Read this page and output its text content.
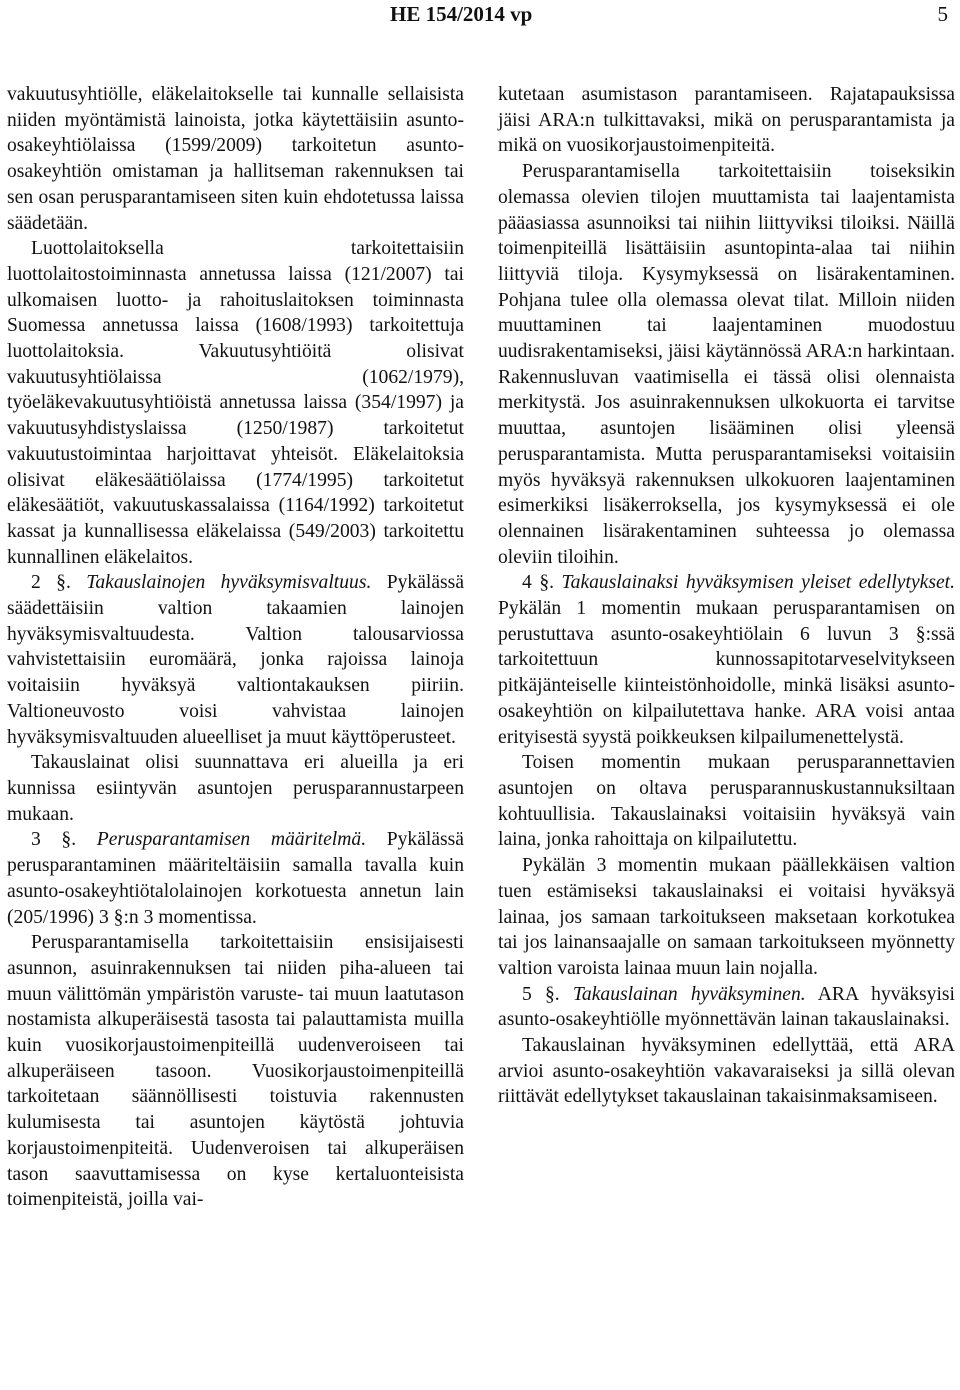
HE 154/2014 vp	5

vakuutusyhtiölle, eläkelaitokselle tai kunnalle sellaisista niiden myöntämistä lainoista, jotka käytettäisiin asunto-osakeyhtiölaissa (1599/2009) tarkoitetun asunto-osakeyhtiön omistaman ja hallitseman rakennuksen tai sen osan perusparantamiseen siten kuin ehdotetussa laissa säädetään.

Luottolaitoksella tarkoitettaisiin luottolaitostoiminnasta annetussa laissa (121/2007) tai ulkomaisen luotto- ja rahoituslaitoksen toiminnasta Suomessa annetussa laissa (1608/1993) tarkoitettuja luottolaitoksia. Vakuutusyhtiöitä olisivat vakuutusyhtiölaissa (1062/1979), työeläkevakuutusyhtiöistä annetussa laissa (354/1997) ja vakuutusyhdistyslaissa (1250/1987) tarkoitetut vakuutustoimintaa harjoittavat yhteisöt. Eläkelaitoksia olisivat eläkesäätiölaissa (1774/1995) tarkoitetut eläkesäätiöt, vakuutuskassalaissa (1164/1992) tarkoitetut kassat ja kunnallisessa eläkelaissa (549/2003) tarkoitettu kunnallinen eläkelaitos.

2 §. Takauslainojen hyväksymisvaltuus. Pykälässä säädettäisiin valtion takaamien lainojen hyväksymisvaltuudesta. Valtion talousarviossa vahvistettaisiin euromäärä, jonka rajoissa lainoja voitaisiin hyväksyä valtiontakauksen piiriin. Valtioneuvosto voisi vahvistaa lainojen hyväksymisvaltuuden alueelliset ja muut käyttöperusteet.

Takauslainat olisi suunnattava eri alueilla ja eri kunnissa esiintyvän asuntojen perusparannustarpeen mukaan.

3 §. Perusparantamisen määritelmä. Pykälässä perusparantaminen määriteltäisiin samalla tavalla kuin asunto-osakeyhtiötalolainojen korkotuesta annetun lain (205/1996) 3 §:n 3 momentissa.

Perusparantamisella tarkoitettaisiin ensisijaisesti asunnon, asuinrakennuksen tai niiden piha-alueen tai muun välittömän ympäristön varuste- tai muun laatutason nostamista alkuperäisestä tasosta tai palauttamista muilla kuin vuosikorjaustoimenpiteillä uudenveroiseen tai alkuperäiseen tasoon. Vuosikorjaustoimenpiteillä tarkoitetaan säännöllisesti toistuvia rakennusten kulumisesta tai asuntojen käytöstä johtuvia korjaustoimenpiteitä. Uudenveroisen tai alkuperäisen tason saavuttamisessa on kyse kertaluonteisista toimenpiteistä, joilla vai-

kutetaan asumistason parantamiseen. Rajatapauksissa jäisi ARA:n tulkittavaksi, mikä on perusparantamista ja mikä on vuosikorjaustoimenpiteitä.

Perusparantamisella tarkoitettaisiin toiseksikin olemassa olevien tilojen muuttamista tai laajentamista pääasiassa asunnoiksi tai niihin liittyviksi tiloiksi. Näillä toimenpiteillä lisättäisiin asuntopinta-alaa tai niihin liittyviä tiloja. Kysymyksessä on lisärakentaminen. Pohjana tulee olla olemassa olevat tilat. Milloin niiden muuttaminen tai laajentaminen muodostuu uudisrakentamiseksi, jäisi käytännössä ARA:n harkintaan. Rakennusluvan vaatimisella ei tässä olisi olennaista merkitystä. Jos asuinrakennuksen ulkokuorta ei tarvitse muuttaa, asuntojen lisääminen olisi yleensä perusparantamista. Mutta perusparantamiseksi voitaisiin myös hyväksyä rakennuksen ulkokuoren laajentaminen esimerkiksi lisäkerroksella, jos kysymyksessä ei ole olennainen lisärakentaminen suhteessa jo olemassa oleviin tiloihin.

4 §. Takauslainaksi hyväksymisen yleiset edellytykset. Pykälän 1 momentin mukaan perusparantamisen on perustuttava asunto-osakeyhtiölain 6 luvun 3 §:ssä tarkoitettuun kunnossapitotarveselvitykseen pitkäjänteiselle kiinteistönhoidolle, minkä lisäksi asunto-osakeyhtiön on kilpailutettava hanke. ARA voisi antaa erityisestä syystä poikkeuksen kilpailumenettelystä.

Toisen momentin mukaan perusparannettavien asuntojen on oltava perusparannuskustannuksiltaan kohtuullisia. Takauslainaksi voitaisiin hyväksyä vain laina, jonka rahoittaja on kilpailutettu.

Pykälän 3 momentin mukaan päällekkäisen valtion tuen estämiseksi takauslainaksi ei voitaisi hyväksyä lainaa, jos samaan tarkoitukseen maksetaan korkotukea tai jos lainansaajalle on samaan tarkoitukseen myönnetty valtion varoista lainaa muun lain nojalla.

5 §. Takauslainan hyväksyminen. ARA hyväksyisi asunto-osakeyhtiölle myönnettävän lainan takauslainaksi.

Takauslainan hyväksyminen edellyttää, että ARA arvioi asunto-osakeyhtiön vakavaraiseksi ja sillä olevan riittävät edellytykset takauslainan takaisinmaksamiseen.
